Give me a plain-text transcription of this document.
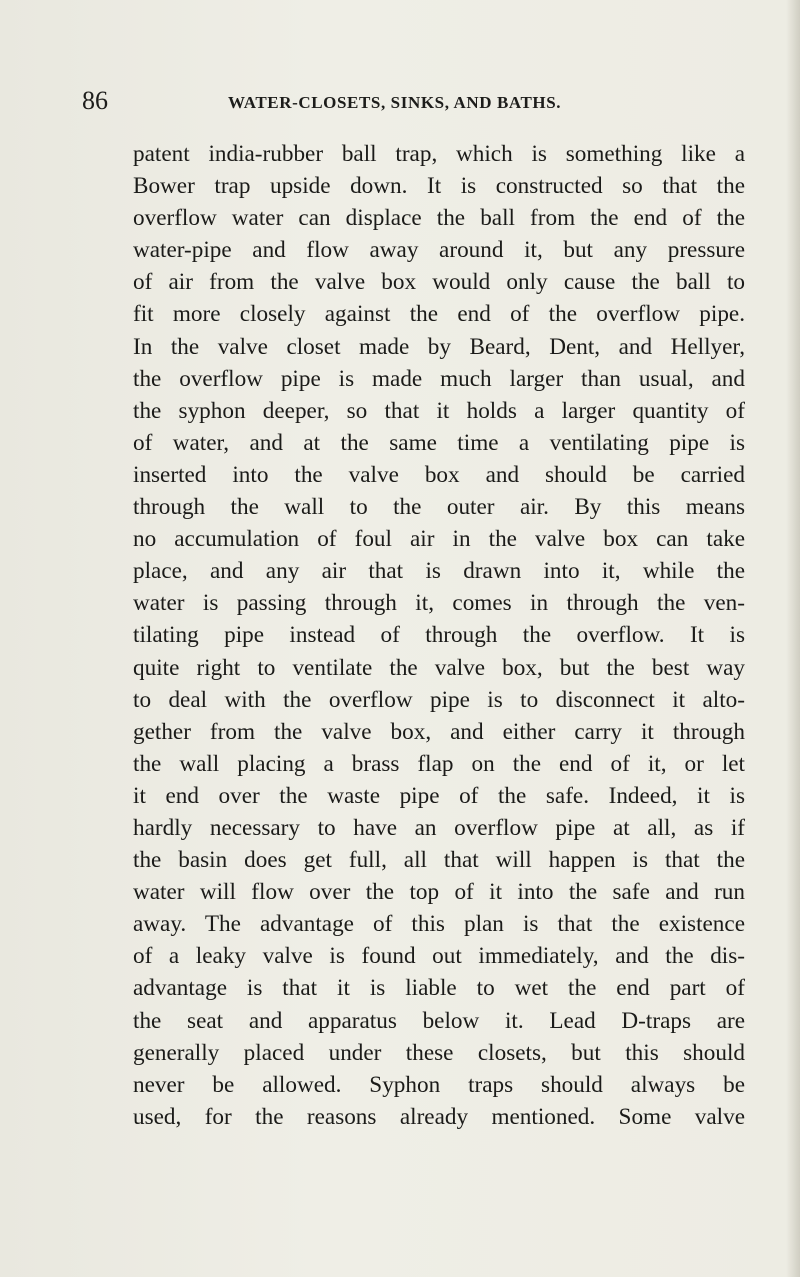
86	WATER-CLOSETS, SINKS, AND BATHS.
patent india-rubber ball trap, which is something like a
Bower trap upside down. It is constructed so that the
overflow water can displace the ball from the end of the
water-pipe and flow away around it, but any pressure
of air from the valve box would only cause the ball to
fit more closely against the end of the overflow pipe.
In the valve closet made by Beard, Dent, and Hellyer,
the overflow pipe is made much larger than usual, and
the syphon deeper, so that it holds a larger quantity of
of water, and at the same time a ventilating pipe is
inserted into the valve box and should be carried
through the wall to the outer air. By this means
no accumulation of foul air in the valve box can take
place, and any air that is drawn into it, while the
water is passing through it, comes in through the ven-
tilating pipe instead of through the overflow. It is
quite right to ventilate the valve box, but the best way
to deal with the overflow pipe is to disconnect it alto-
gether from the valve box, and either carry it through
the wall placing a brass flap on the end of it, or let
it end over the waste pipe of the safe. Indeed, it is
hardly necessary to have an overflow pipe at all, as if
the basin does get full, all that will happen is that the
water will flow over the top of it into the safe and run
away. The advantage of this plan is that the existence
of a leaky valve is found out immediately, and the dis-
advantage is that it is liable to wet the end part of
the seat and apparatus below it. Lead D-traps are
generally placed under these closets, but this should
never be allowed. Syphon traps should always be
used, for the reasons already mentioned. Some valve
